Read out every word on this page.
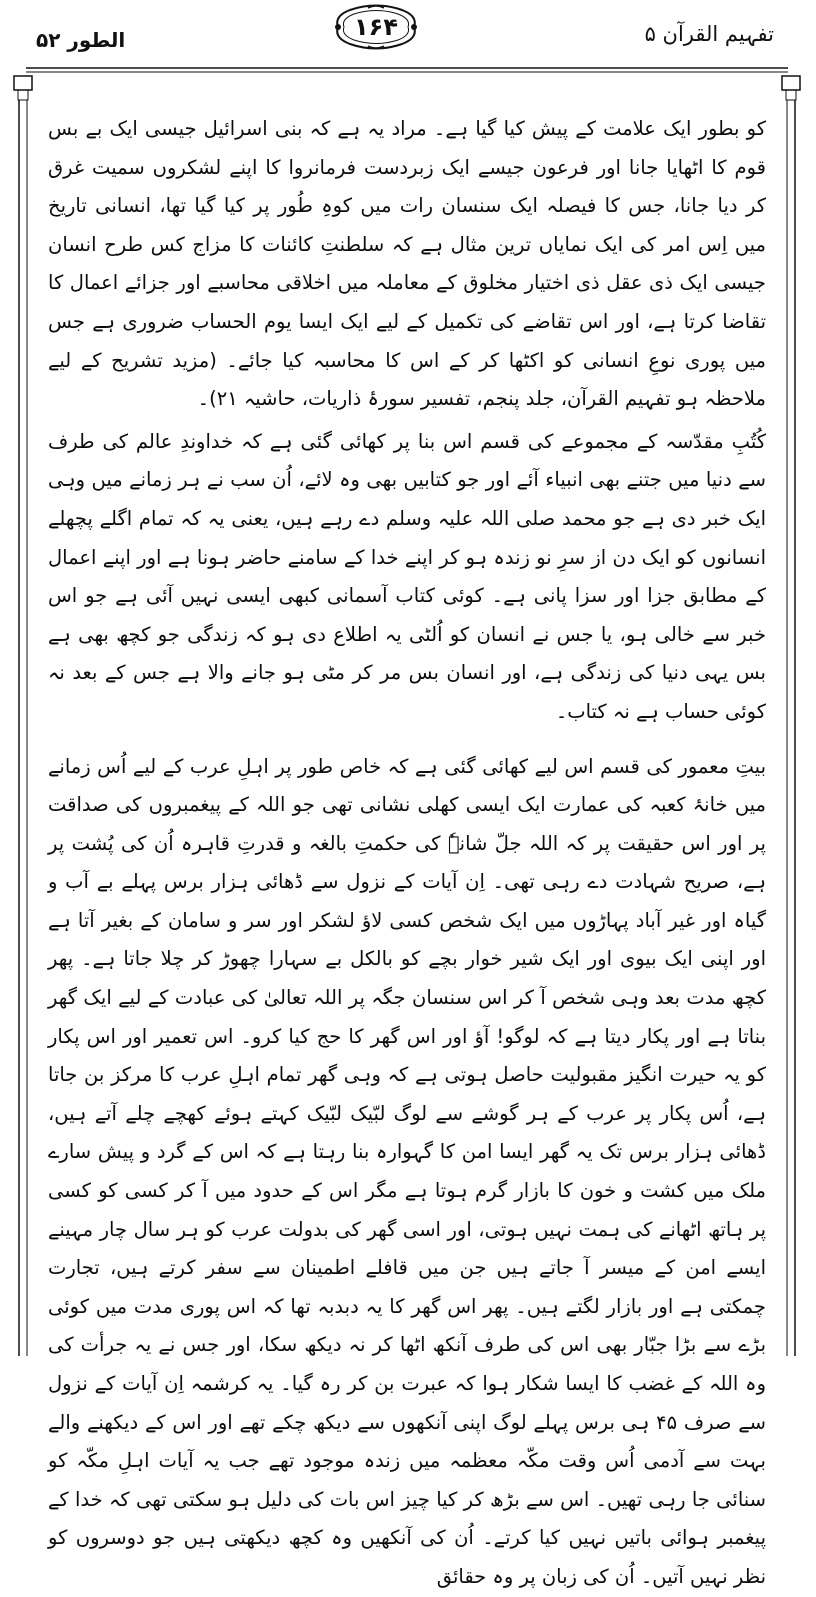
الطور ۵۲	۱۶۴	تفہیم القرآن ۵

کو بطور ایک علامت کے پیش کیا گیا ہے۔ مراد یہ ہے کہ بنی اسرائیل جیسی ایک بے بس قوم کا اٹھایا جانا اور فرعون جیسے ایک زبردست فرمانروا کا اپنے لشکروں سمیت غرق کر دیا جانا، جس کا فیصلہ ایک سنسان رات میں کوہِ طُور پر کیا گیا تھا، انسانی تاریخ میں اِس امر کی ایک نمایاں ترین مثال ہے کہ سلطنتِ کائنات کا مزاج کس طرح انسان جیسی ایک ذی عقل ذی اختیار مخلوق کے معاملہ میں اخلاقی محاسبے اور جزائے اعمال کا تقاضا کرتا ہے، اور اس تقاضے کی تکمیل کے لیے ایک ایسا یوم الحساب ضروری ہے جس میں پوری نوعِ انسانی کو اکٹھا کر کے اس کا محاسبہ کیا جائے۔ (مزید تشریح کے لیے ملاحظہ ہو تفہیم القرآن، جلد پنجم، تفسیر سورۂ ذاریات، حاشیہ ۲۱)۔

کُتُبِ مقدّسہ کے مجموعے کی قسم اس بنا پر کھائی گئی ہے کہ خداوندِ عالم کی طرف سے دنیا میں جتنے بھی انبیاء آئے اور جو کتابیں بھی وہ لائے، اُن سب نے ہر زمانے میں وہی ایک خبر دی ہے جو محمد صلی اللہ علیہ وسلم دے رہے ہیں، یعنی یہ کہ تمام اگلے پچھلے انسانوں کو ایک دن از سرِ نو زندہ ہو کر اپنے خدا کے سامنے حاضر ہونا ہے اور اپنے اعمال کے مطابق جزا اور سزا پانی ہے۔ کوئی کتاب آسمانی کبھی ایسی نہیں آئی ہے جو اس خبر سے خالی ہو، یا جس نے انسان کو اُلٹی یہ اطلاع دی ہو کہ زندگی جو کچھ بھی ہے بس یہی دنیا کی زندگی ہے، اور انسان بس مر کر مٹی ہو جانے والا ہے جس کے بعد نہ کوئی حساب ہے نہ کتاب۔

بیتِ معمور کی قسم اس لیے کھائی گئی ہے کہ خاص طور پر اہلِ عرب کے لیے اُس زمانے میں خانۂ کعبہ کی عمارت ایک ایسی کھلی نشانی تھی جو اللہ کے پیغمبروں کی صداقت پر اور اس حقیقت پر کہ اللہ جلّ شانہٗ کی حکمتِ بالغہ و قدرتِ قاہرہ اُن کی پُشت پر ہے، صریح شہادت دے رہی تھی۔ اِن آیات کے نزول سے ڈھائی ہزار برس پہلے بے آب و گیاہ اور غیر آباد پہاڑوں میں ایک شخص کسی لاؤ لشکر اور سر و سامان کے بغیر آتا ہے اور اپنی ایک بیوی اور ایک شیر خوار بچے کو بالکل بے سہارا چھوڑ کر چلا جاتا ہے۔ پھر کچھ مدت بعد وہی شخص آ کر اس سنسان جگہ پر اللہ تعالیٰ کی عبادت کے لیے ایک گھر بناتا ہے اور پکار دیتا ہے کہ لوگو! آؤ اور اس گھر کا حج کیا کرو۔ اس تعمیر اور اس پکار کو یہ حیرت انگیز مقبولیت حاصل ہوتی ہے کہ وہی گھر تمام اہلِ عرب کا مرکز بن جاتا ہے، اُس پکار پر عرب کے ہر گوشے سے لوگ لبّیک لبّیک کہتے ہوئے کھچے چلے آتے ہیں، ڈھائی ہزار برس تک یہ گھر ایسا امن کا گہوارہ بنا رہتا ہے کہ اس کے گرد و پیش سارے ملک میں کشت و خون کا بازار گرم ہوتا ہے مگر اس کے حدود میں آ کر کسی کو کسی پر ہاتھ اٹھانے کی ہمت نہیں ہوتی، اور اسی گھر کی بدولت عرب کو ہر سال چار مہینے ایسے امن کے میسر آ جاتے ہیں جن میں قافلے اطمینان سے سفر کرتے ہیں، تجارت چمکتی ہے اور بازار لگتے ہیں۔ پھر اس گھر کا یہ دبدبہ تھا کہ اس پوری مدت میں کوئی بڑے سے بڑا جبّار بھی اس کی طرف آنکھ اٹھا کر نہ دیکھ سکا، اور جس نے یہ جرأت کی وہ اللہ کے غضب کا ایسا شکار ہوا کہ عبرت بن کر رہ گیا۔ یہ کرشمہ اِن آیات کے نزول سے صرف ۴۵ ہی برس پہلے لوگ اپنی آنکھوں سے دیکھ چکے تھے اور اس کے دیکھنے والے بہت سے آدمی اُس وقت مکّہ معظمہ میں زندہ موجود تھے جب یہ آیات اہلِ مکّہ کو سنائی جا رہی تھیں۔ اس سے بڑھ کر کیا چیز اس بات کی دلیل ہو سکتی تھی کہ خدا کے پیغمبر ہوائی باتیں نہیں کیا کرتے۔ اُن کی آنکھیں وہ کچھ دیکھتی ہیں جو دوسروں کو نظر نہیں آتیں۔ اُن کی زبان پر وہ حقائق
